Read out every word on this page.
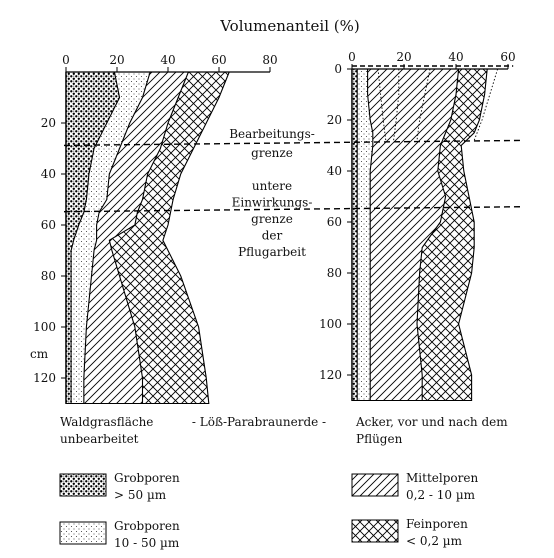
Volumenanteil (%)
0	20	40	60	80
20
40
60
80
100
120
cm
0	20	40	60
0
20
40
60
80
100
120
Bearbeitungs-
grenze
untere
Einwirkungs-
grenze
der
Pflugarbeit
Waldgrasfläche
unbearbeitet
- Löß-Parabraunerde - Acker, vor und nach dem
Pflügen
Grobporen
> 50 µm
Grobporen
10 - 50 µm
Mittelporen
0,2 - 10 µm
Feinporen
< 0,2 µm
